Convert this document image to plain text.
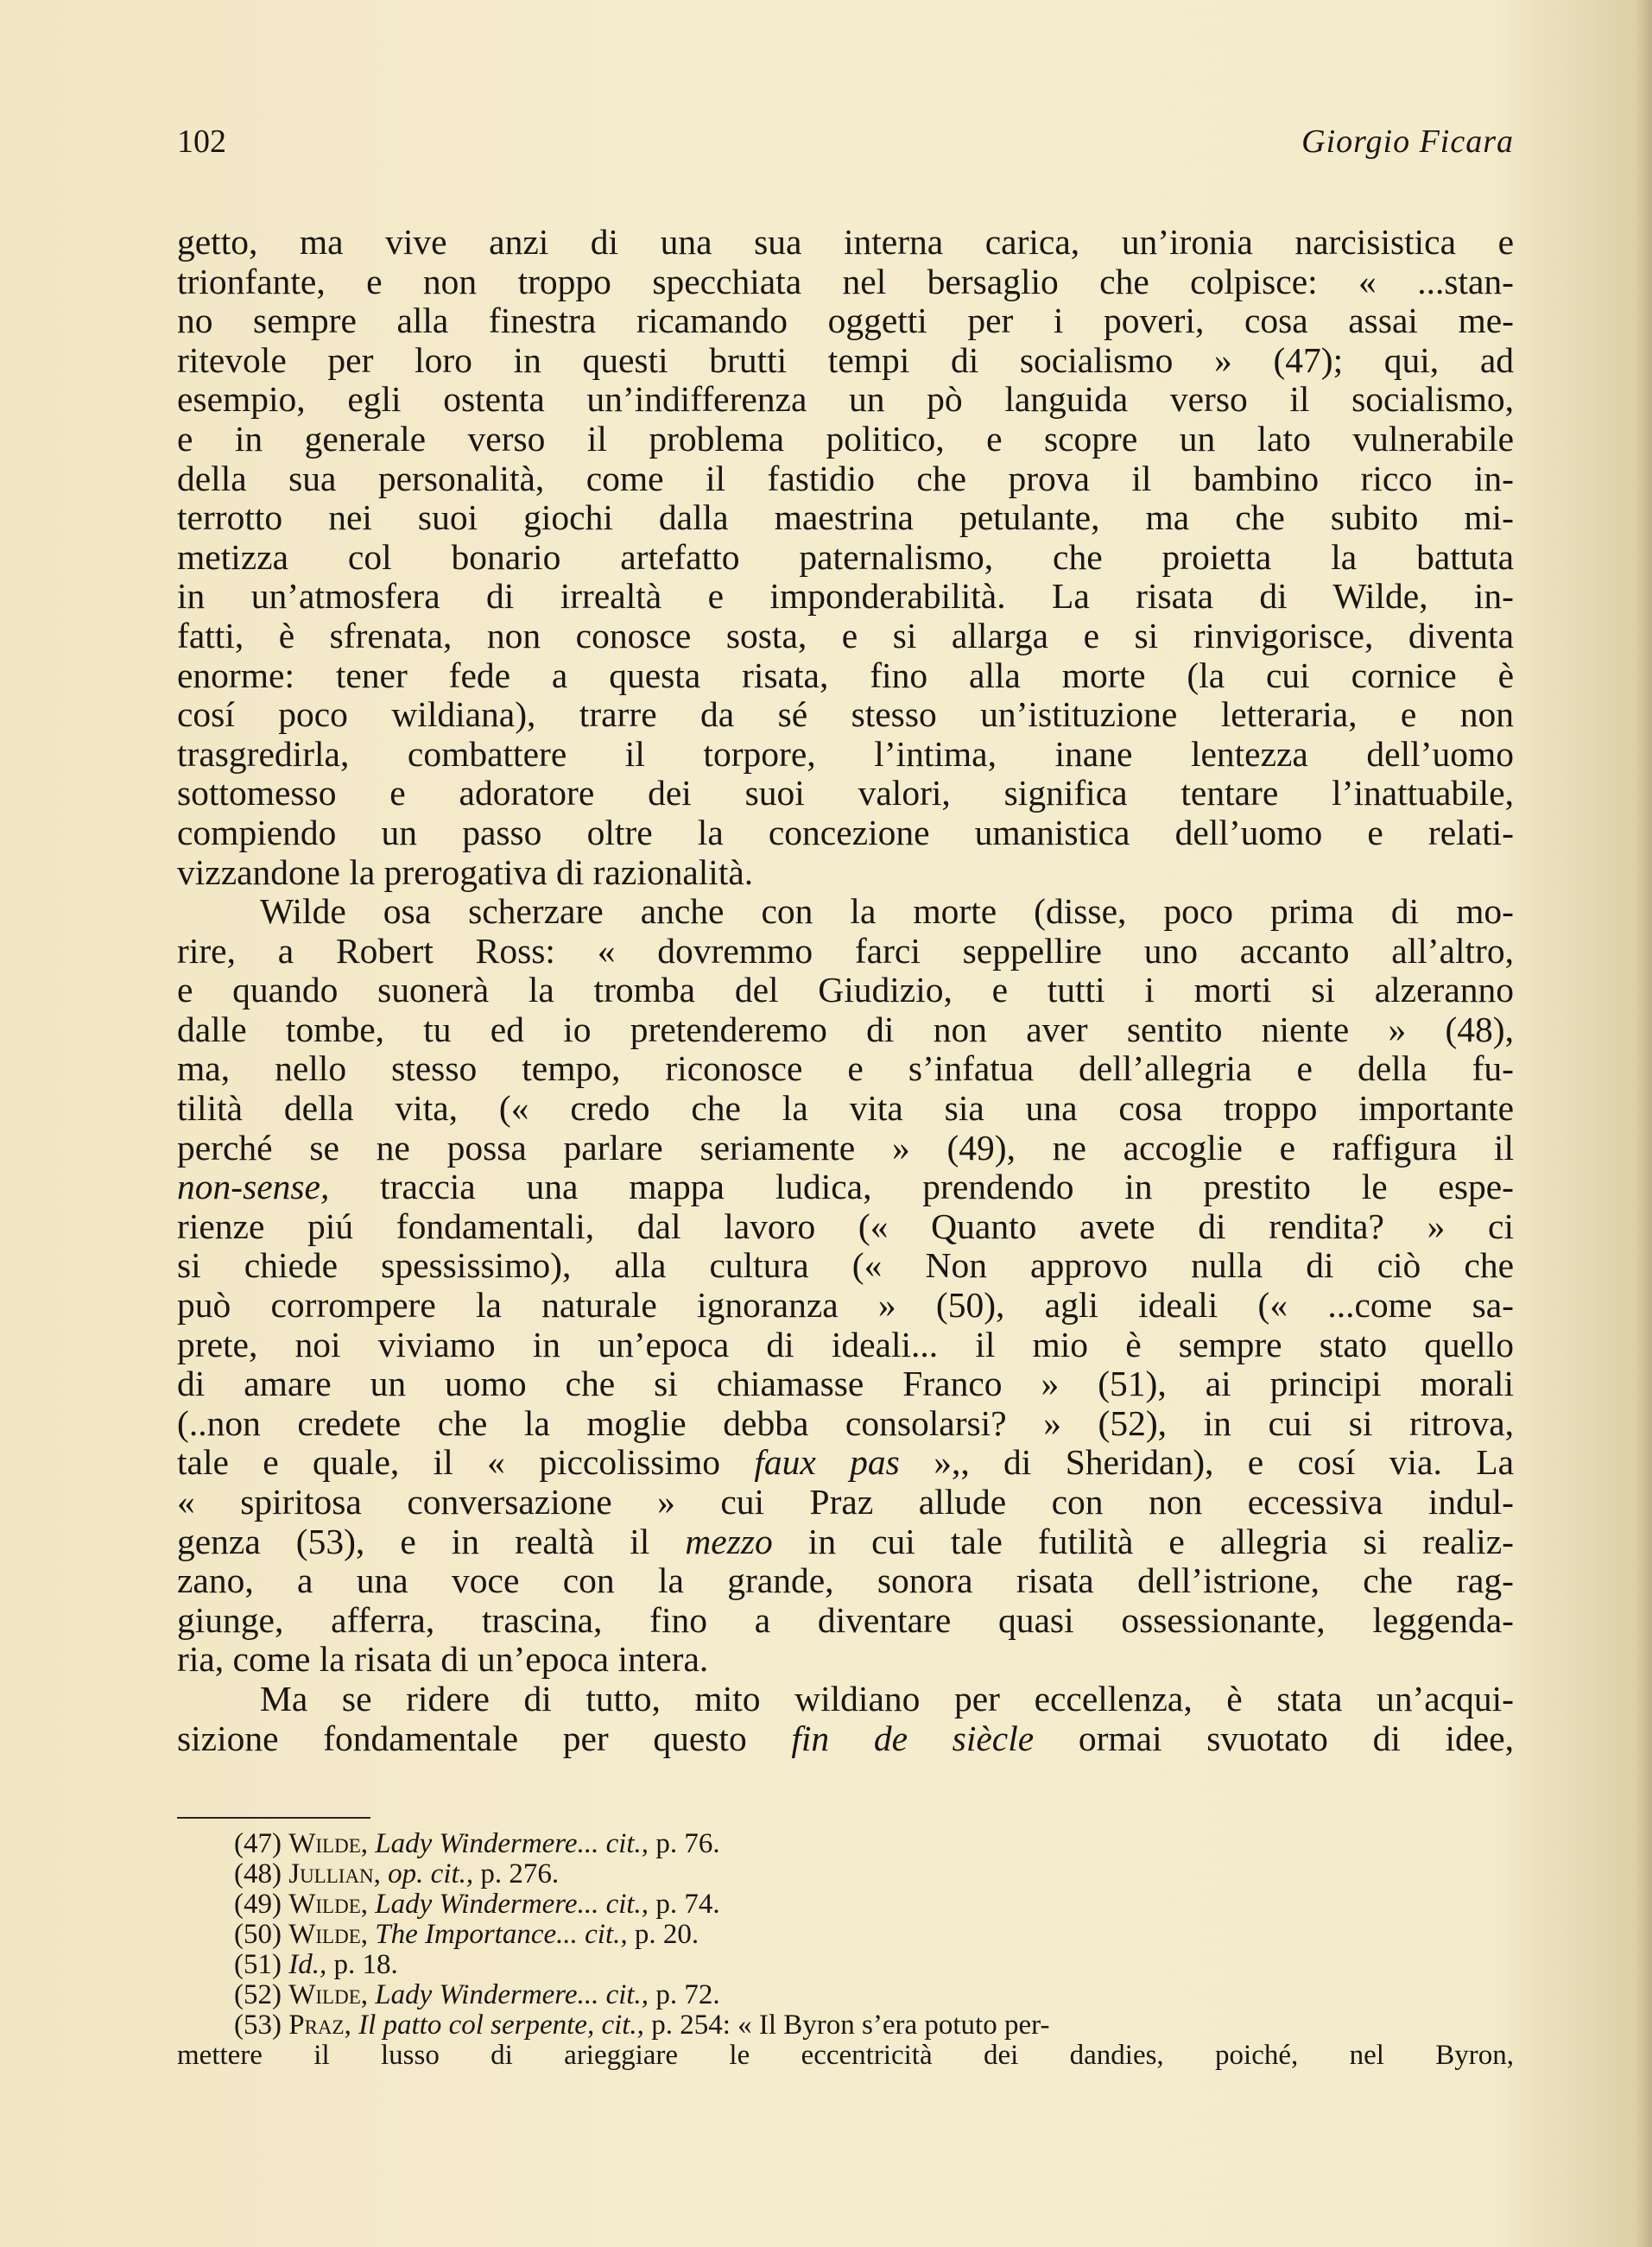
102	Giorgio Ficara

getto, ma vive anzi di una sua interna carica, un’ironia narcisistica e
trionfante, e non troppo specchiata nel bersaglio che colpisce: « ...stan-
no sempre alla finestra ricamando oggetti per i poveri, cosa assai me-
ritevole per loro in questi brutti tempi di socialismo » (47); qui, ad
esempio, egli ostenta un’indifferenza un pò languida verso il socialismo,
e in generale verso il problema politico, e scopre un lato vulnerabile
della sua personalità, come il fastidio che prova il bambino ricco in-
terrotto nei suoi giochi dalla maestrina petulante, ma che subito mi-
metizza col bonario artefatto paternalismo, che proietta la battuta
in un’atmosfera di irrealtà e imponderabilità. La risata di Wilde, in-
fatti, è sfrenata, non conosce sosta, e si allarga e si rinvigorisce, diventa
enorme: tener fede a questa risata, fino alla morte (la cui cornice è
cosí poco wildiana), trarre da sé stesso un’istituzione letteraria, e non
trasgredirla, combattere il torpore, l’intima, inane lentezza dell’uomo
sottomesso e adoratore dei suoi valori, significa tentare l’inattuabile,
compiendo un passo oltre la concezione umanistica dell’uomo e relati-
vizzandone la prerogativa di razionalità.

Wilde osa scherzare anche con la morte (disse, poco prima di mo-
rire, a Robert Ross: « dovremmo farci seppellire uno accanto all’altro,
e quando suonerà la tromba del Giudizio, e tutti i morti si alzeranno
dalle tombe, tu ed io pretenderemo di non aver sentito niente » (48),
ma, nello stesso tempo, riconosce e s’infatua dell’allegria e della fu-
tilità della vita, (« credo che la vita sia una cosa troppo importante
perché se ne possa parlare seriamente » (49), ne accoglie e raffigura il
non-sense, traccia una mappa ludica, prendendo in prestito le espe-
rienze piú fondamentali, dal lavoro (« Quanto avete di rendita? » ci
si chiede spessissimo), alla cultura (« Non approvo nulla di ciò che
può corrompere la naturale ignoranza » (50), agli ideali (« ...come sa-
prete, noi viviamo in un’epoca di ideali... il mio è sempre stato quello
di amare un uomo che si chiamasse Franco » (51), ai principi morali
(..non credete che la moglie debba consolarsi? » (52), in cui si ritrova,
tale e quale, il « piccolissimo faux pas »,, di Sheridan), e cosí via. La
« spiritosa conversazione » cui Praz allude con non eccessiva indul-
genza (53), e in realtà il mezzo in cui tale futilità e allegria si realiz-
zano, a una voce con la grande, sonora risata dell’istrione, che rag-
giunge, afferra, trascina, fino a diventare quasi ossessionante, leggenda-
ria, come la risata di un’epoca intera.

Ma se ridere di tutto, mito wildiano per eccellenza, è stata un’acqui-
sizione fondamentale per questo fin de siècle ormai svuotato di idee,

(47) Wilde, Lady Windermere... cit., p. 76.
(48) Jullian, op. cit., p. 276.
(49) Wilde, Lady Windermere... cit., p. 74.
(50) Wilde, The Importance... cit., p. 20.
(51) Id., p. 18.
(52) Wilde, Lady Windermere... cit., p. 72.
(53) Praz, Il patto col serpente, cit., p. 254: « Il Byron s’era potuto per-
mettere il lusso di arieggiare le eccentricità dei dandies, poiché, nel Byron,
